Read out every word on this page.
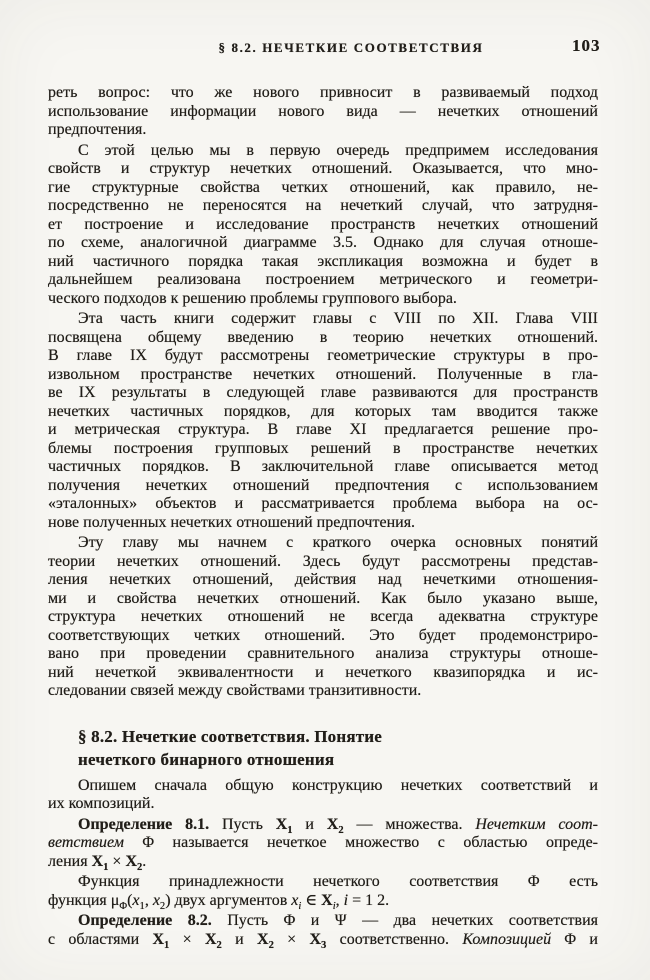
§ 8.2. НЕЧЕТКИЕ СООТВЕТСТВИЯ	103
реть вопрос: что же нового привносит в развиваемый подход
использование информации нового вида — нечетких отношений
предпочтения.
С этой целью мы в первую очередь предпримем исследования
свойств и структур нечетких отношений. Оказывается, что мно-
гие структурные свойства четких отношений, как правило, не-
посредственно не переносятся на нечеткий случай, что затрудня-
ет построение и исследование пространств нечетких отношений
по схеме, аналогичной диаграмме 3.5. Однако для случая отноше-
ний частичного порядка такая экспликация возможна и будет в
дальнейшем реализована построением метрического и геометри-
ческого подходов к решению проблемы группового выбора.
Эта часть книги содержит главы с VIII по XII. Глава VIII
посвящена общему введению в теорию нечетких отношений.
В главе IX будут рассмотрены геометрические структуры в про-
извольном пространстве нечетких отношений. Полученные в гла-
ве IX результаты в следующей главе развиваются для пространств
нечетких частичных порядков, для которых там вводится также
и метрическая структура. В главе XI предлагается решение про-
блемы построения групповых решений в пространстве нечетких
частичных порядков. В заключительной главе описывается метод
получения нечетких отношений предпочтения с использованием
«эталонных» объектов и рассматривается проблема выбора на ос-
нове полученных нечетких отношений предпочтения.
Эту главу мы начнем с краткого очерка основных понятий
теории нечетких отношений. Здесь будут рассмотрены представ-
ления нечетких отношений, действия над нечеткими отношения-
ми и свойства нечетких отношений. Как было указано выше,
структура нечетких отношений не всегда адекватна структуре
соответствующих четких отношений. Это будет продемонстриро-
вано при проведении сравнительного анализа структуры отноше-
ний нечеткой эквивалентности и нечеткого квазипорядка и ис-
следовании связей между свойствами транзитивности.
§ 8.2. Нечеткие соответствия. Понятие
нечеткого бинарного отношения
Опишем сначала общую конструкцию нечетких соответствий и
их композиций.
Определение 8.1. Пусть $X_1$ и $X_2$ — множества. Нечетким соот-
ветствием Φ называется нечеткое множество с областью опреде-
ления $X_1 \times X_2$.
Функция принадлежности нечеткого соответствия Φ есть
функция $\mu_\Phi(x_1$, $x_2$) двух аргументов $x_i$ ∈ $X_i$, i = 1 2.
Определение 8.2. Пусть Φ и Ψ — два нечетких соответствия
с областями $X_1 \times X_2$ и $X_2 \times X_3$ соответственно. Композицией Φ и
